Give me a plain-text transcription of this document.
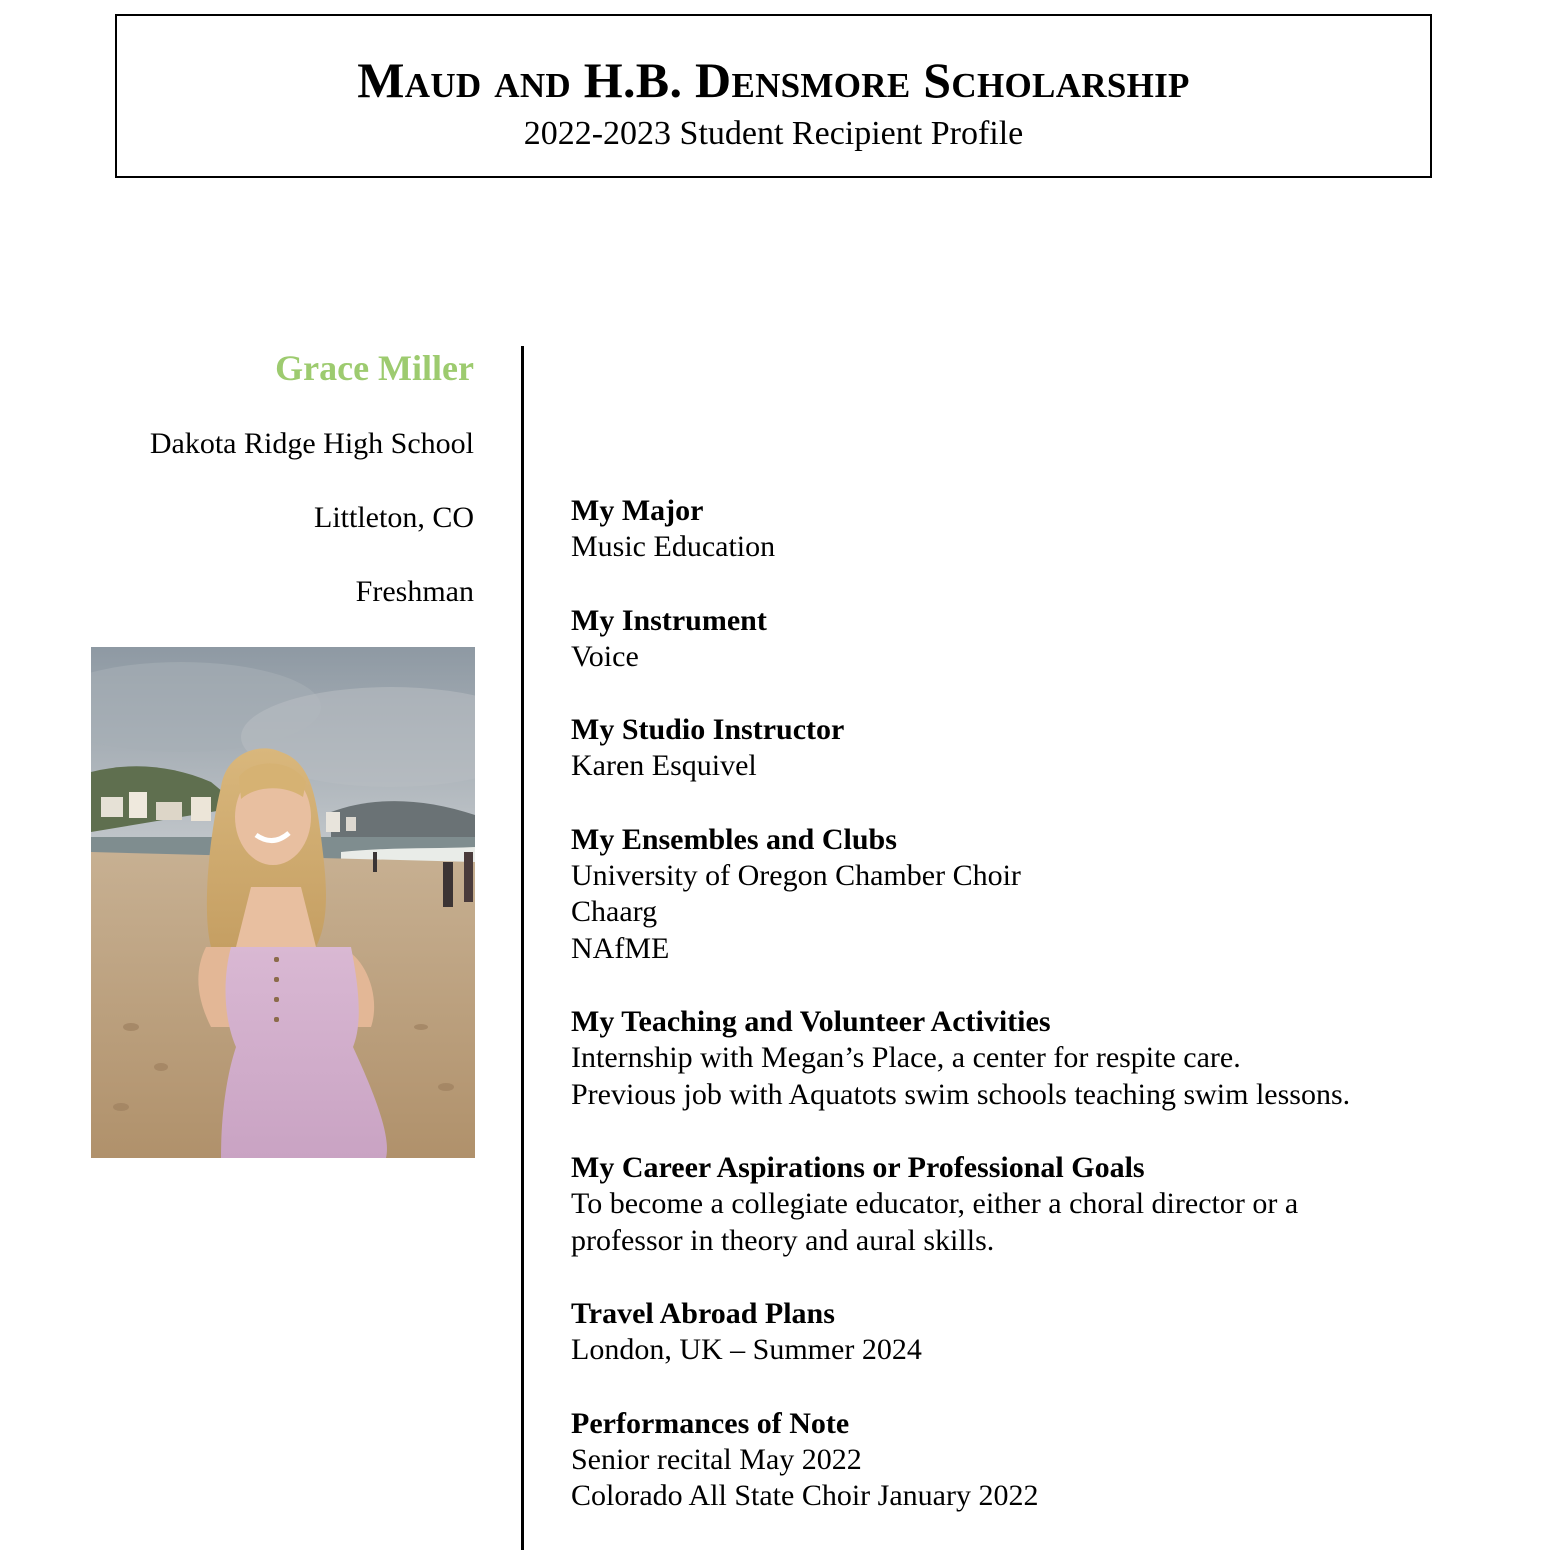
Maud and H.B. Densmore Scholarship
2022-2023 Student Recipient Profile
Grace Miller
Dakota Ridge High School
Littleton, CO
Freshman
My Major
Music Education
My Instrument
Voice
My Studio Instructor
Karen Esquivel
My Ensembles and Clubs
University of Oregon Chamber Choir
Chaarg
NAfME
My Teaching and Volunteer Activities
Internship with Megan’s Place, a center for respite care.
Previous job with Aquatots swim schools teaching swim lessons.
My Career Aspirations or Professional Goals
To become a collegiate educator, either a choral director or a
professor in theory and aural skills.
Travel Abroad Plans
London, UK – Summer 2024
Performances of Note
Senior recital May 2022
Colorado All State Choir January 2022
